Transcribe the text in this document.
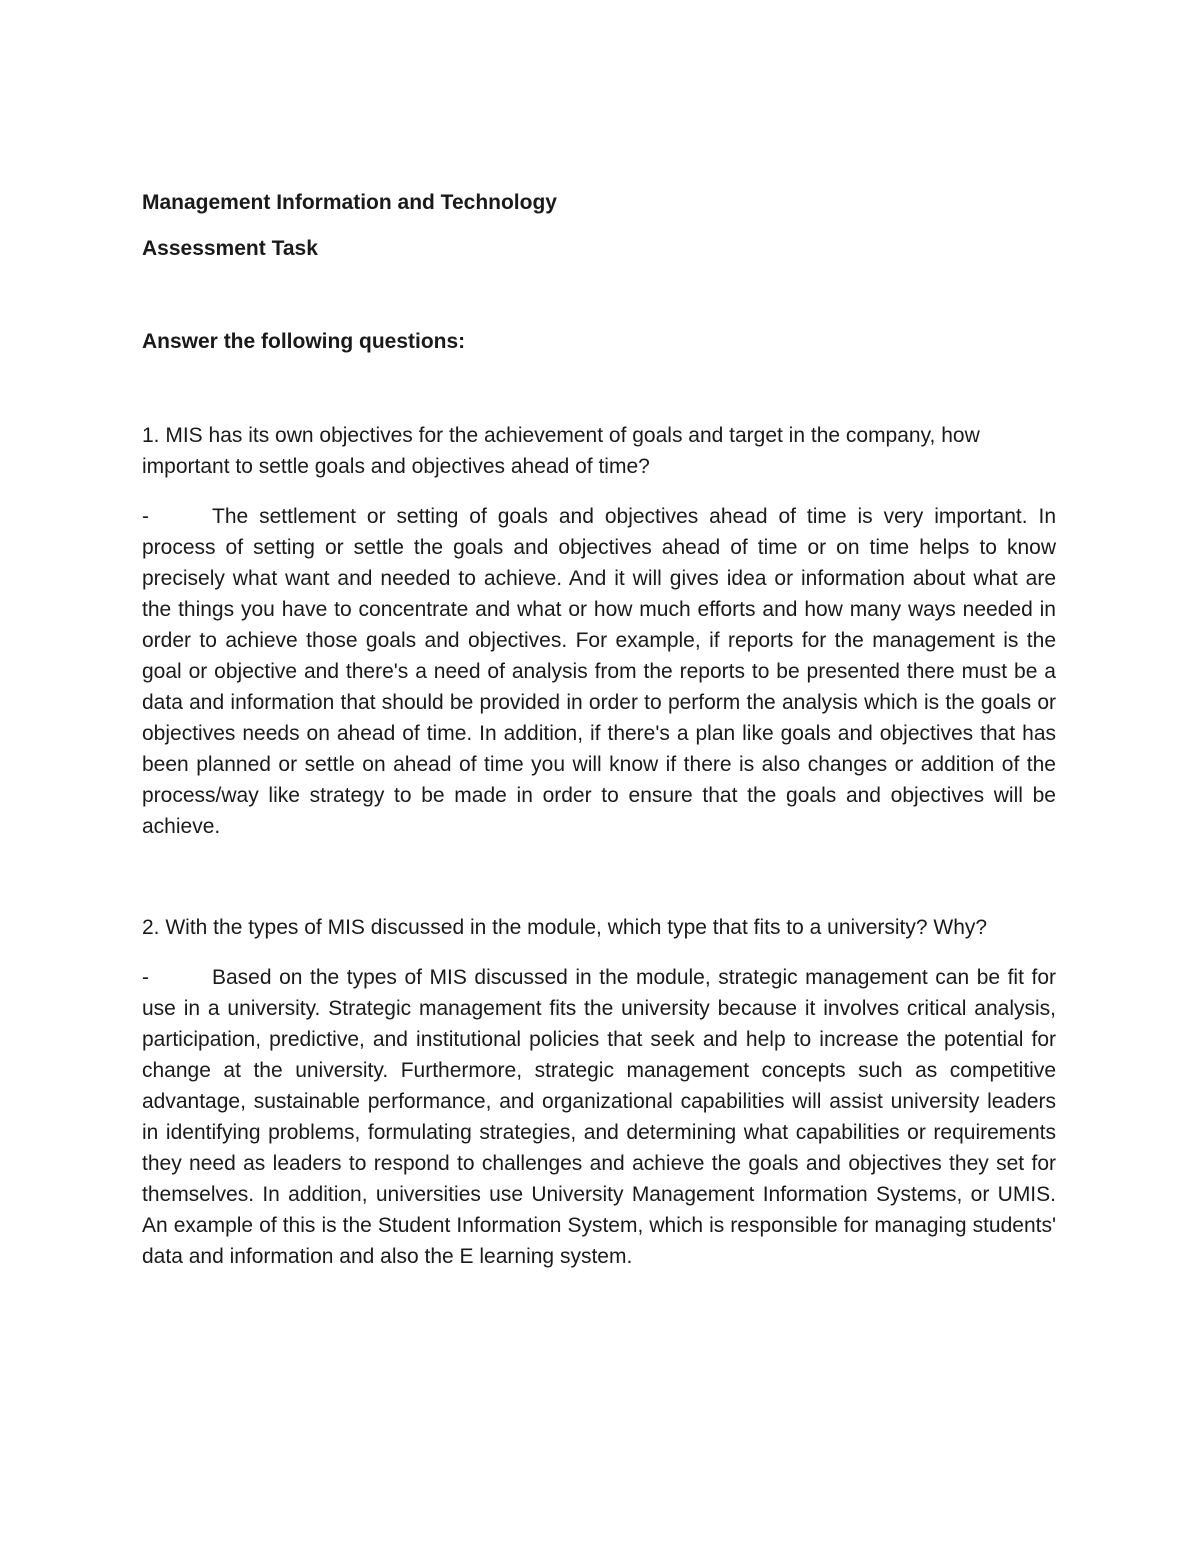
Management Information and Technology

Assessment Task

Answer the following questions:

1. MIS has its own objectives for the achievement of goals and target in the company, how important to settle goals and objectives ahead of time?

-	The settlement or setting of goals and objectives ahead of time is very important. In process of setting or settle the goals and objectives ahead of time or on time helps to know precisely what want and needed to achieve. And it will gives idea or information about what are the things you have to concentrate and what or how much efforts and how many ways needed in order to achieve those goals and objectives. For example, if reports for the management is the goal or objective and there's a need of analysis from the reports to be presented there must be a data and information that should be provided in order to perform the analysis which is the goals or objectives needs on ahead of time. In addition, if there's a plan like goals and objectives that has been planned or settle on ahead of time you will know if there is also changes or addition of the process/way like strategy to be made in order to ensure that the goals and objectives will be achieve.

2. With the types of MIS discussed in the module, which type that fits to a university? Why?

-	Based on the types of MIS discussed in the module, strategic management can be fit for use in a university. Strategic management fits the university because it involves critical analysis, participation, predictive, and institutional policies that seek and help to increase the potential for change at the university. Furthermore, strategic management concepts such as competitive advantage, sustainable performance, and organizational capabilities will assist university leaders in identifying problems, formulating strategies, and determining what capabilities or requirements they need as leaders to respond to challenges and achieve the goals and objectives they set for themselves. In addition, universities use University Management Information Systems, or UMIS. An example of this is the Student Information System, which is responsible for managing students' data and information and also the E learning system.
